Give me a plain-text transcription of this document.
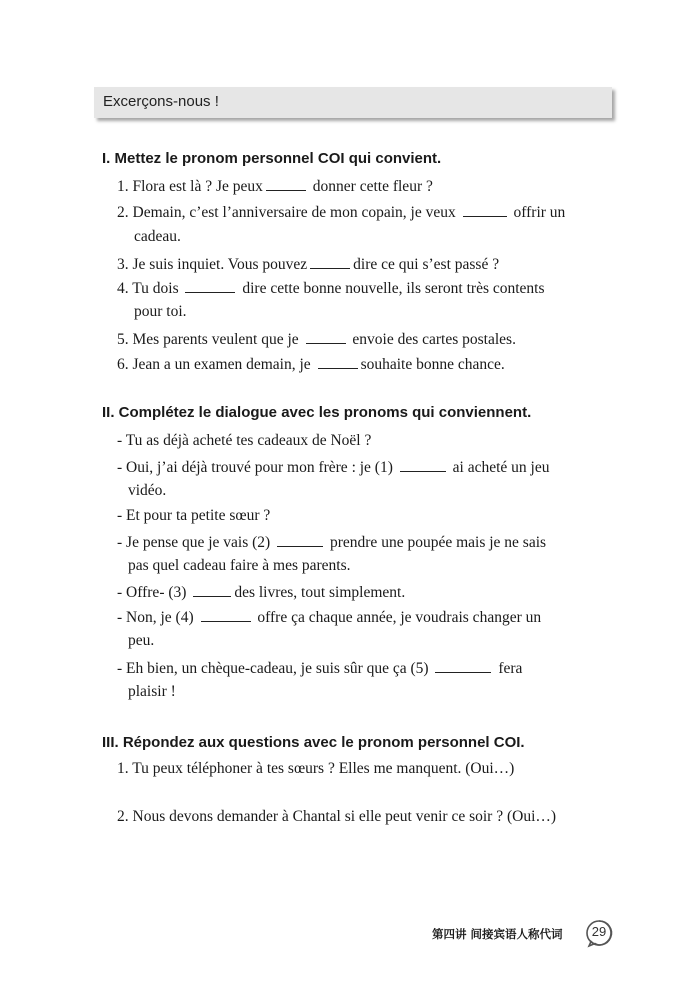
Excerçons-nous !
I. Mettez le pronom personnel COI qui convient.
1. Flora est là ? Je peux	donner cette fleur ?
2. Demain, c’est l’anniversaire de mon copain, je veux	offrir un
cadeau.
3. Je suis inquiet. Vous pouvez	dire ce qui s’est passé ?
4. Tu dois	dire cette bonne nouvelle, ils seront très contents
pour toi.
5. Mes parents veulent que je	envoie des cartes postales.
6. Jean a un examen demain, je	souhaite bonne chance.
II. Complétez le dialogue avec les pronoms qui conviennent.
- Tu as déjà acheté tes cadeaux de Noël ?
- Oui, j’ai déjà trouvé pour mon frère : je (1)	ai acheté un jeu
vidéo.
- Et pour ta petite sœur ?
- Je pense que je vais (2)	prendre une poupée mais je ne sais
pas quel cadeau faire à mes parents.
- Offre- (3)	des livres, tout simplement.
- Non, je (4)	offre ça chaque année, je voudrais changer un
peu.
- Eh bien, un chèque-cadeau, je suis sûr que ça (5)	fera
plaisir !
III. Répondez aux questions avec le pronom personnel COI.
1. Tu peux téléphoner à tes sœurs ? Elles me manquent. (Oui…)
2. Nous devons demander à Chantal si elle peut venir ce soir ? (Oui…)
第四讲 间接宾语人称代词	29
